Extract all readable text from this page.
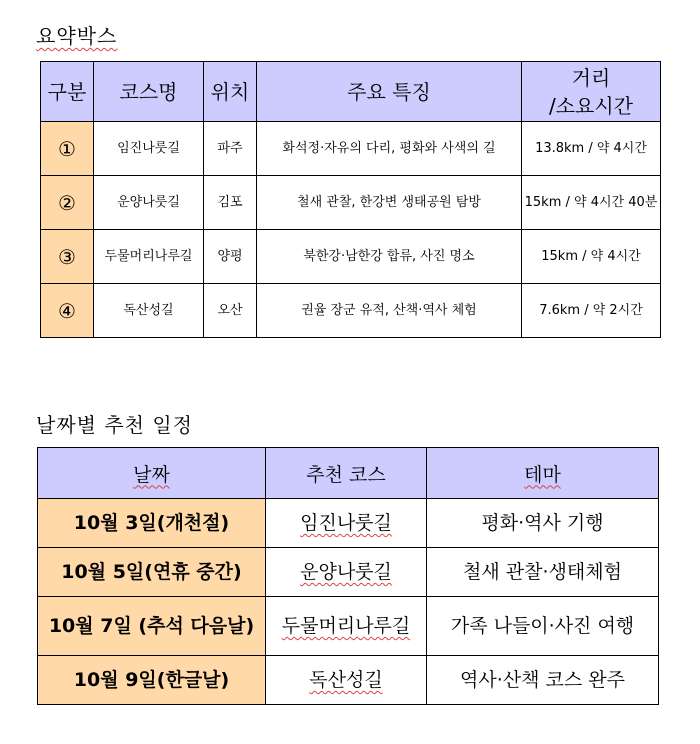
요약박스
구분	코스명	위치	주요 특징	거리
/소요시간

①	임진나룻길	파주	화석정·자유의 다리, 평화와 사색의 길	13.8km / 약 4시간
②	운양나룻길	김포	철새 관찰, 한강변 생태공원 탐방	15km / 약 4시간 40분
③	두물머리나루길	양평	북한강·남한강 합류, 사진 명소	15km / 약 4시간
④	독산성길	오산	권율 장군 유적, 산책·역사 체험	7.6km / 약 2시간
날짜별 추천 일정
날짜	추천 코스	테마
10월 3일(개천절)	임진나룻길	평화·역사 기행
10월 5일(연휴 중간)	운양나룻길	철새 관찰·생태체험
10월 7일 (추석 다음날)	두물머리나루길	가족 나들이·사진 여행
10월 9일(한글날)	독산성길	역사·산책 코스 완주
